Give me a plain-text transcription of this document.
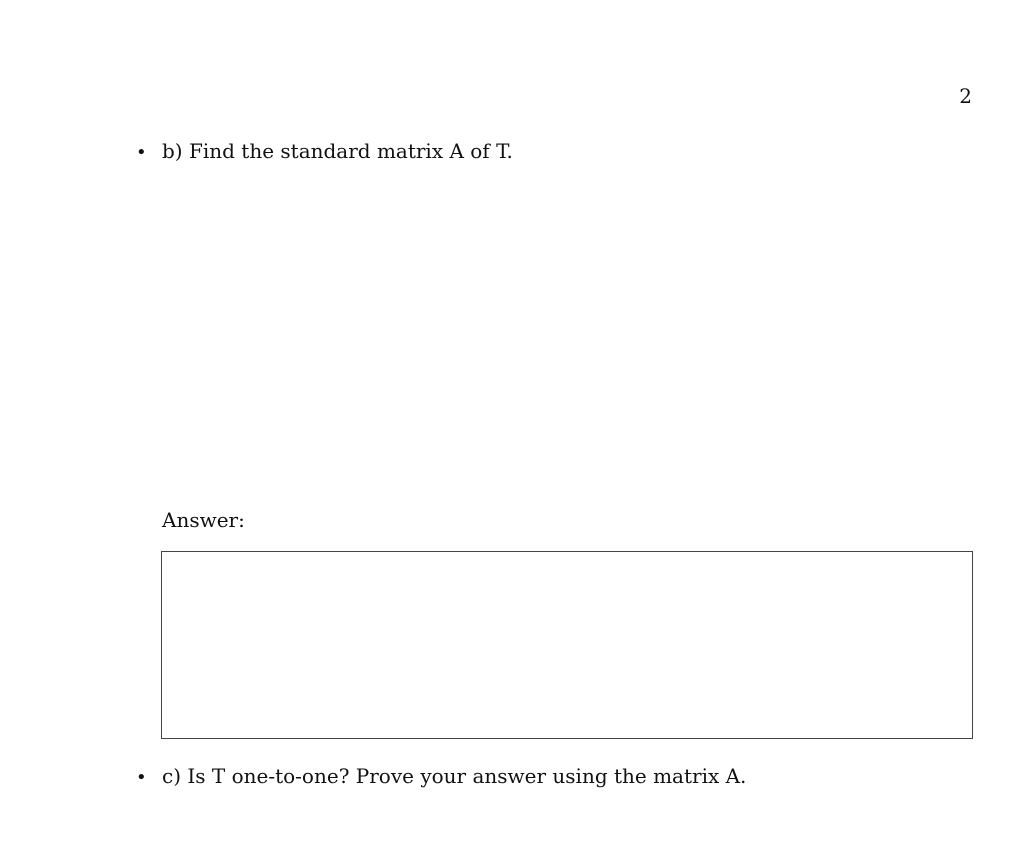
2
• b) Find the standard matrix A of T.
Answer:
• c) Is T one-to-one? Prove your answer using the matrix A.
